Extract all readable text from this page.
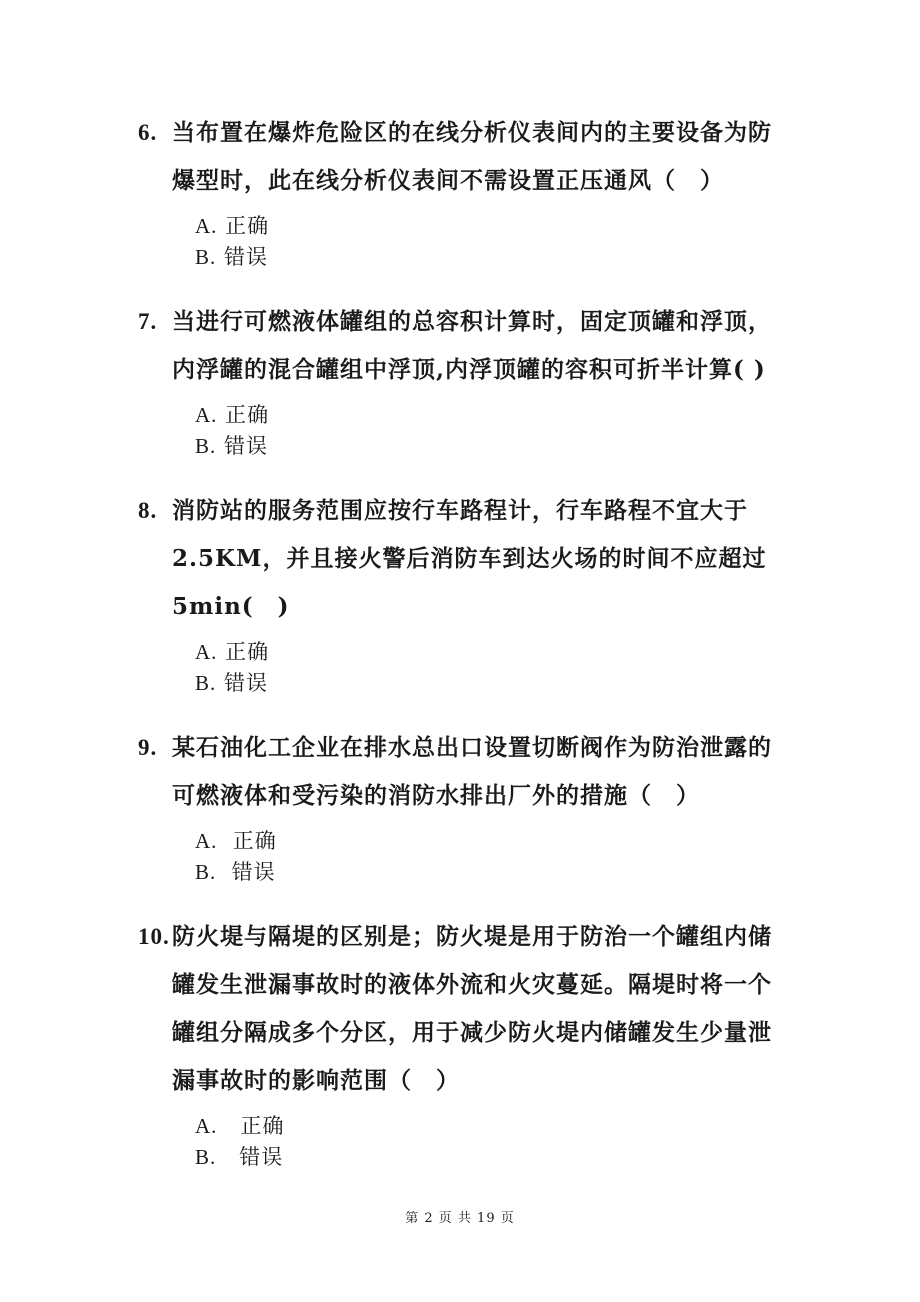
6. 当布置在爆炸危险区的在线分析仪表间内的主要设备为防
爆型时，此在线分析仪表间不需设置正压通风（　）
A. 正确
B. 错误
7. 当进行可燃液体罐组的总容积计算时，固定顶罐和浮顶，
内浮罐的混合罐组中浮顶,内浮顶罐的容积可折半计算( )
A. 正确
B. 错误
8. 消防站的服务范围应按行车路程计，行车路程不宜大于
2.5KM，并且接火警后消防车到达火场的时间不应超过
5min(　)
A. 正确
B. 错误
9. 某石油化工企业在排水总出口设置切断阀作为防治泄露的
可燃液体和受污染的消防水排出厂外的措施（　）
A.  正确
B.  错误
10. 防火堤与隔堤的区别是；防火堤是用于防治一个罐组内储
罐发生泄漏事故时的液体外流和火灾蔓延。隔堤时将一个
罐组分隔成多个分区，用于减少防火堤内储罐发生少量泄
漏事故时的影响范围（　）
A.   正确
B.   错误
第 2 页 共 19 页
